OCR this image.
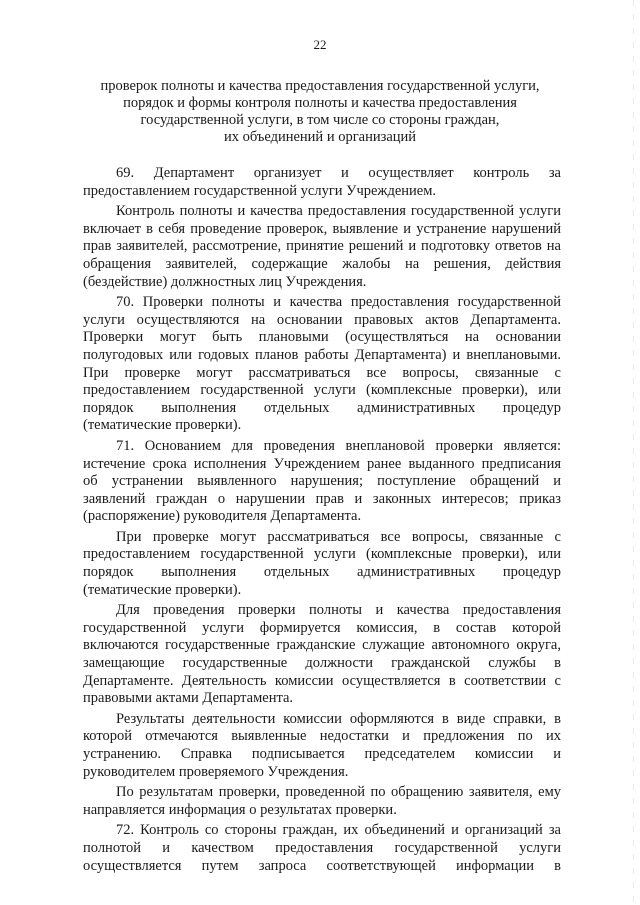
22
проверок полноты и качества предоставления государственной услуги,
порядок и формы контроля полноты и качества предоставления
государственной услуги, в том числе со стороны граждан,
их объединений и организаций
69. Департамент организует и осуществляет контроль за
предоставлением государственной услуги Учреждением.
Контроль полноты и качества предоставления государственной услуги
включает в себя проведение проверок, выявление и устранение нарушений
прав заявителей, рассмотрение, принятие решений и подготовку ответов на
обращения заявителей, содержащие жалобы на решения, действия
(бездействие) должностных лиц Учреждения.
70. Проверки полноты и качества предоставления государственной
услуги осуществляются на основании правовых актов Департамента.
Проверки могут быть плановыми (осуществляться на основании
полугодовых или годовых планов работы Департамента) и внеплановыми.
При проверке могут рассматриваться все вопросы, связанные с
предоставлением государственной услуги (комплексные проверки), или
порядок выполнения отдельных административных процедур
(тематические проверки).
71. Основанием для проведения внеплановой проверки является:
истечение срока исполнения Учреждением ранее выданного предписания
об устранении выявленного нарушения; поступление обращений и
заявлений граждан о нарушении прав и законных интересов; приказ
(распоряжение) руководителя Департамента.
При проверке могут рассматриваться все вопросы, связанные с
предоставлением государственной услуги (комплексные проверки), или
порядок выполнения отдельных административных процедур
(тематические проверки).
Для проведения проверки полноты и качества предоставления
государственной услуги формируется комиссия, в состав которой
включаются государственные гражданские служащие автономного округа,
замещающие государственные должности гражданской службы в
Департаменте. Деятельность комиссии осуществляется в соответствии с
правовыми актами Департамента.
Результаты деятельности комиссии оформляются в виде справки, в
которой отмечаются выявленные недостатки и предложения по их
устранению. Справка подписывается председателем комиссии и
руководителем проверяемого Учреждения.
По результатам проверки, проведенной по обращению заявителя, ему
направляется информация о результатах проверки.
72. Контроль со стороны граждан, их объединений и организаций за
полнотой и качеством предоставления государственной услуги
осуществляется путем запроса соответствующей информации в
